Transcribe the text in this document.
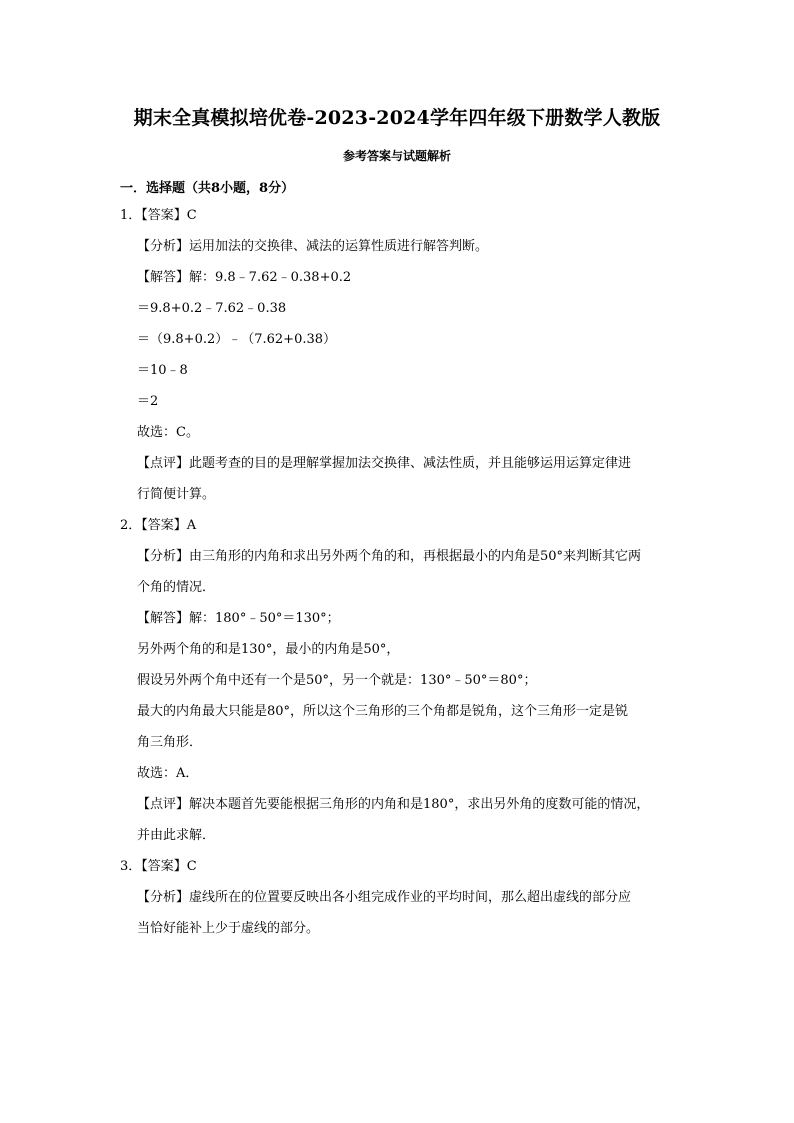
期末全真模拟培优卷-2023-2024学年四年级下册数学人教版
参考答案与试题解析
一．选择题（共8小题，8分）
1．【答案】C
【分析】运用加法的交换律、减法的运算性质进行解答判断。
【解答】解：9.8﹣7.62﹣0.38+0.2
＝9.8+0.2﹣7.62﹣0.38
＝（9.8+0.2）﹣（7.62+0.38）
＝10﹣8
＝2
故选：C。
【点评】此题考查的目的是理解掌握加法交换律、减法性质，并且能够运用运算定律进
行简便计算。
2．【答案】A
【分析】由三角形的内角和求出另外两个角的和，再根据最小的内角是50°来判断其它两
个角的情况．
【解答】解：180°﹣50°＝130°；
另外两个角的和是130°，最小的内角是50°，
假设另外两个角中还有一个是50°，另一个就是：130°﹣50°＝80°；
最大的内角最大只能是80°，所以这个三角形的三个角都是锐角，这个三角形一定是锐
角三角形．
故选：A．
【点评】解决本题首先要能根据三角形的内角和是180°，求出另外角的度数可能的情况，
并由此求解．
3．【答案】C
【分析】虚线所在的位置要反映出各小组完成作业的平均时间，那么超出虚线的部分应
当恰好能补上少于虚线的部分。
